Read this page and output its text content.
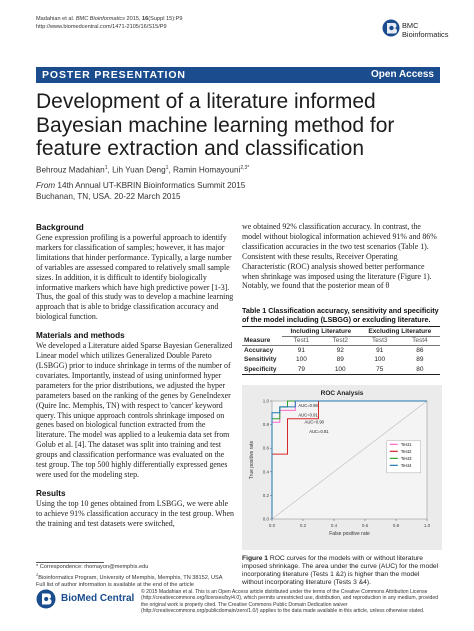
Madahian et al. BMC Bioinformatics 2015, 16(Suppl 15):P9
http://www.biomedcentral.com/1471-2105/16/S15/P9	BMC
Bioinformatics
POSTER PRESENTATION	Open Access
Development of a literature informed Bayesian machine learning method for feature extraction and classification
Behrouz Madahian$^1$, Lih Yuan Deng$^1$, Ramin Homayouni$^{2,3*}$
From 14th Annual UT-KBRIN Bioinformatics Summit 2015
Buchanan, TN, USA. 20-22 March 2015
Background

Gene expression profiling is a powerful approach to identify markers for classification of samples; however, it has major limitations that hinder performance. Typically, a large number of variables are assessed compared to relatively small sample sizes. In addition, it is difficult to identify biologically informative markers which have high predictive power [1-3]. Thus, the goal of this study was to develop a machine learning approach that is able to bridge classification accuracy and biological function.

Materials and methods

We developed a Literature aided Sparse Bayesian Generalized Linear model which utilizes Generalized Double Pareto (LSBGG) prior to induce shrinkage in terms of the number of covariates. Importantly, instead of using uninformed hyper parameters for the prior distributions, we adjusted the hyper parameters based on the ranking of the genes by GeneIndexer (Quire Inc. Memphis, TN) with respect to 'cancer' keyword query. This unique approach controls shrinkage imposed on genes based on biological function extracted from the literature. The model was applied to a leukemia data set from Golub et al. [4]. The dataset was split into training and test groups and classification performance was evaluated on the test group. The top 500 highly differentially expressed genes were used for the modeling step.

Results

Using the top 10 genes obtained from LSBGG, we were able to achieve 91% classification accuracy in the test group. When the training and test datasets were switched,

we obtained 92% classification accuracy. In contrast, the model without biological information achieved 91% and 86% classification accuracies in the two test scenarios (Table 1). Consistent with these results, Receiver Operating Characteristic (ROC) analysis showed better performance when shrinkage was imposed using the literature (Figure 1). Notably, we found that the posterior mean of θ

Table 1 Classification accuracy, sensitivity and specificity of the model including (LSBGG) or excluding literature.
	Including Literature		Excluding Literature	
Measure	Test1	Test2	Test3	Test4
Accuracy	91	92	91	86
Sensitivity	100	89	100	89
Specificity	79	100	75	80
ROC Analysis
0.0	0.2	0.4	0.6	0.8	1.0
0.0
0.2
0.4
0.6
0.8
1.0
False positive rate
True positive rate
AUC=0.98
AUC=0.91
AUC=0.90
AUC=0.81
Test1
Test2
Test3
Test4
Figure 1 ROC curves for the models with or without literature imposed shrinkage. The area under the curve (AUC) for the model incorporating literature (Tests 1 &2) is higher than the model without incorporating literature (Tests 3 &4).
* Correspondence: rhomayon@memphis.edu
$^2$Bioinformatics Program, University of Memphis, Memphis, TN 38152, USA
Full list of author information is available at the end of the article
BioMed Central
© 2015 Madahian et al. This is an Open Access article distributed under the terms of the Creative Commons Attribution License (http://creativecommons.org/licenses/by/4.0), which permits unrestricted use, distribution, and reproduction in any medium, provided the original work is properly cited. The Creative Commons Public Domain Dedication waiver (http://creativecommons.org/publicdomain/zero/1.0/) applies to the data made available in this article, unless otherwise stated.
